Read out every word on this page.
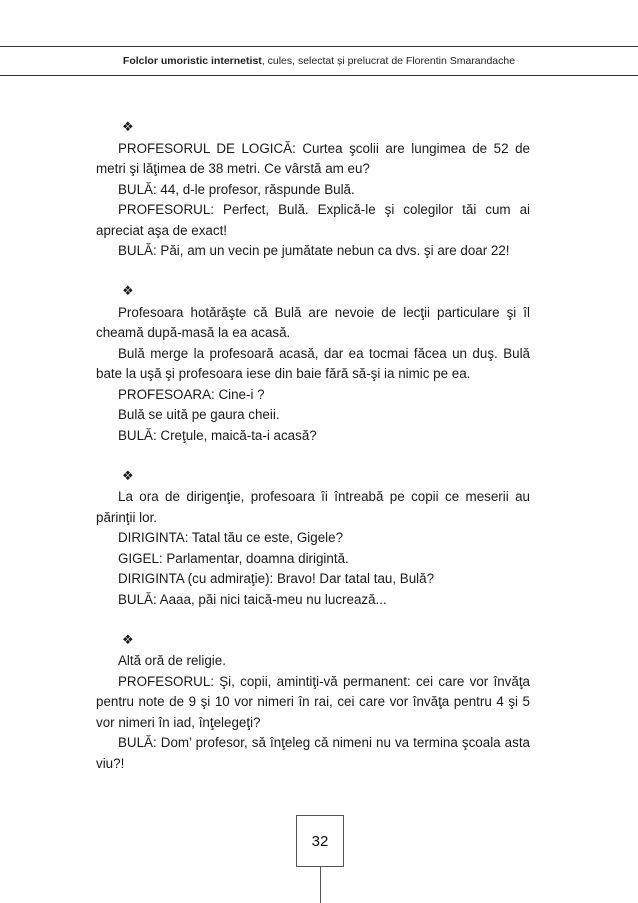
Folclor umoristic internetist, cules, selectat și prelucrat de Florentin Smarandache
❖

PROFESORUL DE LOGICĂ: Curtea şcolii are lungimea de 52 de metri şi lăţimea de 38 metri. Ce vârstă am eu?

BULĂ: 44, d-le profesor, răspunde Bulă.

PROFESORUL: Perfect, Bulă. Explică-le şi colegilor tăi cum ai apreciat aşa de exact!

BULĂ: Păi, am un vecin pe jumătate nebun ca dvs. şi are doar 22!

❖

Profesoara hotărăşte că Bulă are nevoie de lecţii particulare şi îl cheamă după-masă la ea acasă.

Bulă merge la profesoară acasă, dar ea tocmai făcea un duş. Bulă bate la uşă şi profesoara iese din baie fără să-şi ia nimic pe ea.

PROFESOARA: Cine-i ?

Bulă se uită pe gaura cheii.

BULĂ: Creţule, maică-ta-i acasă?

❖

La ora de dirigenţie, profesoara îi întreabă pe copii ce meserii au părinţii lor.

DIRIGINTA: Tatal tău ce este, Gigele?

GIGEL: Parlamentar, doamna dirigintă.

DIRIGINTA (cu admiraţie): Bravo! Dar tatal tau, Bulă?

BULĂ: Aaaa, păi nici taică-meu nu lucrează...

❖

Altă oră de religie.

PROFESORUL: Şi, copii, amintiţi-vă permanent: cei care vor învăţa pentru note de 9 şi 10 vor nimeri în rai, cei care vor învăţa pentru 4 şi 5 vor nimeri în iad, înţelegeţi?

BULĂ: Dom’ profesor, să înţeleg că nimeni nu va termina şcoala asta viu?!

32
